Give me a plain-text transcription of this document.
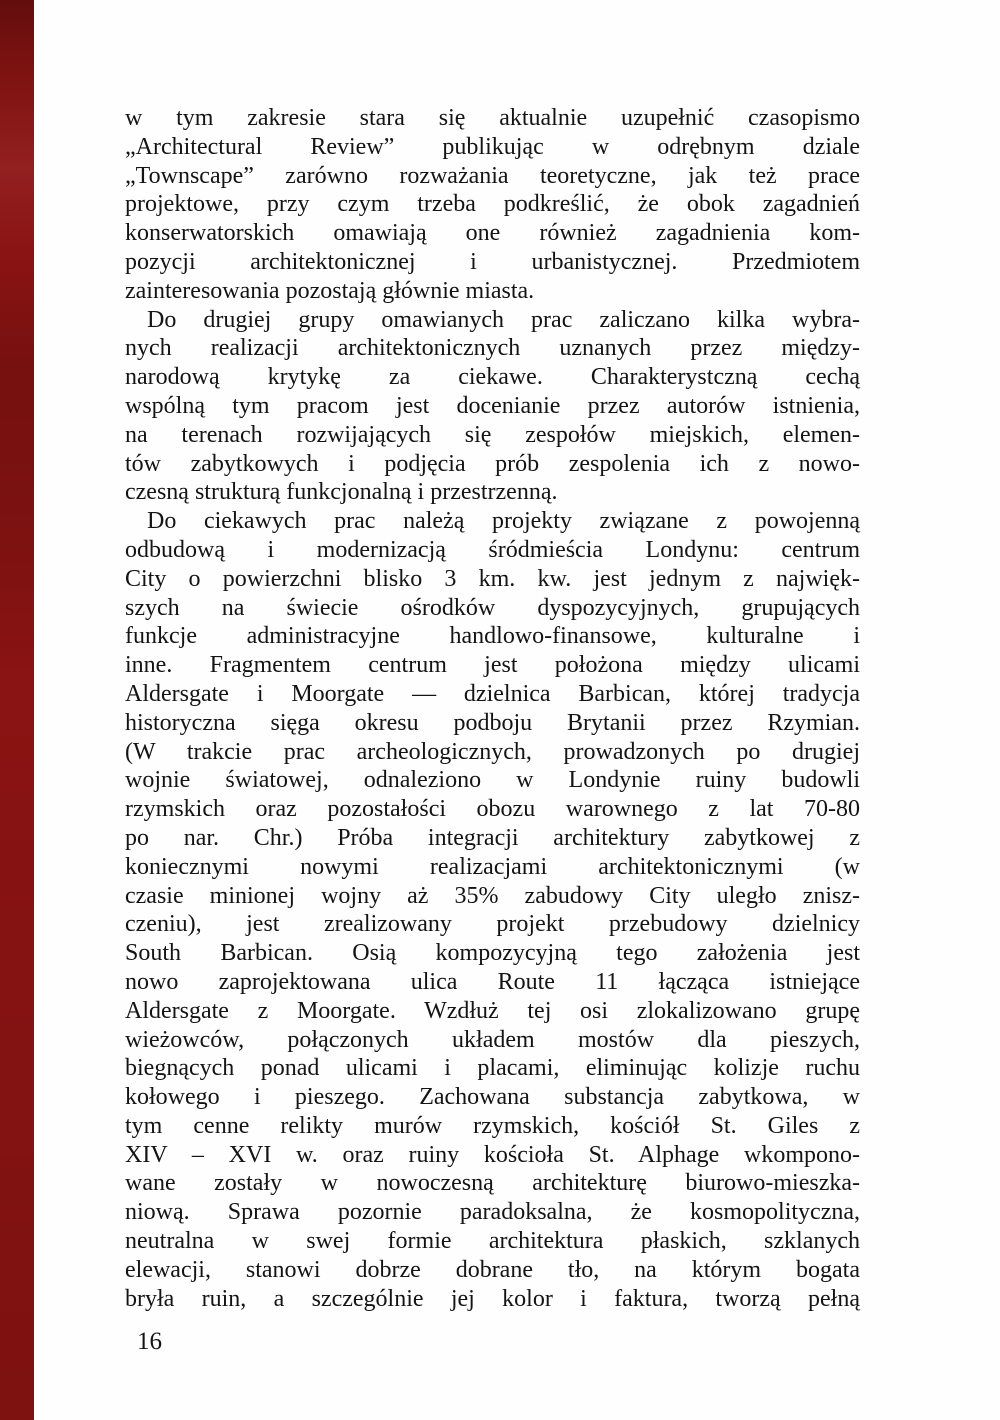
w tym zakresie stara się aktualnie uzupełnić czasopismo
„Architectural Review” publikując w odrębnym dziale
„Townscape” zarówno rozważania teoretyczne, jak też prace
projektowe, przy czym trzeba podkreślić, że obok zagadnień
konserwatorskich omawiają one również zagadnienia kom-
pozycji architektonicznej i urbanistycznej. Przedmiotem
zainteresowania pozostają głównie miasta.
Do drugiej grupy omawianych prac zaliczano kilka wybra-
nych realizacji architektonicznych uznanych przez między-
narodową krytykę za ciekawe. Charakterystczną cechą
wspólną tym pracom jest docenianie przez autorów istnienia,
na terenach rozwijających się zespołów miejskich, elemen-
tów zabytkowych i podjęcia prób zespolenia ich z nowo-
czesną strukturą funkcjonalną i przestrzenną.
Do ciekawych prac należą projekty związane z powojenną
odbudową i modernizacją śródmieścia Londynu: centrum
City o powierzchni blisko 3 km. kw. jest jednym z najwięk-
szych na świecie ośrodków dyspozycyjnych, grupujących
funkcje administracyjne handlowo-finansowe, kulturalne i
inne. Fragmentem centrum jest położona między ulicami
Aldersgate i Moorgate — dzielnica Barbican, której tradycja
historyczna sięga okresu podboju Brytanii przez Rzymian.
(W trakcie prac archeologicznych, prowadzonych po drugiej
wojnie światowej, odnaleziono w Londynie ruiny budowli
rzymskich oraz pozostałości obozu warownego z lat 70-80
po nar. Chr.) Próba integracji architektury zabytkowej z
koniecznymi nowymi realizacjami architektonicznymi (w
czasie minionej wojny aż 35% zabudowy City uległo znisz-
czeniu), jest zrealizowany projekt przebudowy dzielnicy
South Barbican. Osią kompozycyjną tego założenia jest
nowo zaprojektowana ulica Route 11 łącząca istniejące
Aldersgate z Moorgate. Wzdłuż tej osi zlokalizowano grupę
wieżowców, połączonych układem mostów dla pieszych,
biegnących ponad ulicami i placami, eliminując kolizje ruchu
kołowego i pieszego. Zachowana substancja zabytkowa, w
tym cenne relikty murów rzymskich, kościół St. Giles z
XIV – XVI w. oraz ruiny kościoła St. Alphage wkompono-
wane zostały w nowoczesną architekturę biurowo-mieszka-
niową. Sprawa pozornie paradoksalna, że kosmopolityczna,
neutralna w swej formie architektura płaskich, szklanych
elewacji, stanowi dobrze dobrane tło, na którym bogata
bryła ruin, a szczególnie jej kolor i faktura, tworzą pełną
16
